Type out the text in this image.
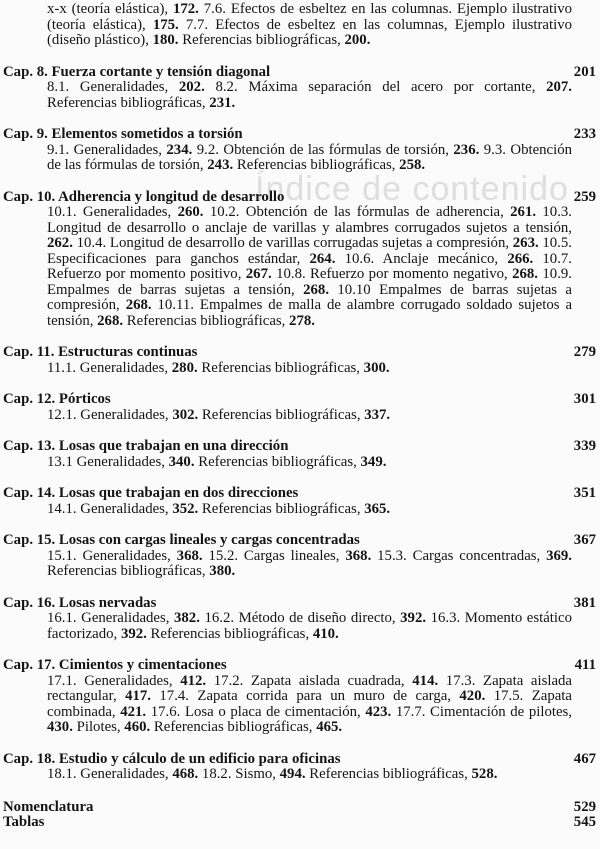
Índice de contenido
x-x (teoría elástica), 172. 7.6. Efectos de esbeltez en las columnas. Ejemplo ilustrativo (teoría elástica), 175. 7.7. Efectos de esbeltez en las columnas, Ejemplo ilustrativo (diseño plástico), 180. Referencias bibliográficas, 200.
Cap. 8. Fuerza cortante y tensión diagonal	201
8.1. Generalidades, 202. 8.2. Máxima separación del acero por cortante, 207. Referencias bibliográficas, 231.
Cap. 9. Elementos sometidos a torsión	233
9.1. Generalidades, 234. 9.2. Obtención de las fórmulas de torsión, 236. 9.3. Obtención de las fórmulas de torsión, 243. Referencias bibliográficas, 258.
Cap. 10. Adherencia y longitud de desarrollo	259
10.1. Generalidades, 260. 10.2. Obtención de las fórmulas de adherencia, 261. 10.3. Longitud de desarrollo o anclaje de varillas y alambres corrugados sujetos a tensión, 262. 10.4. Longitud de desarrollo de varillas corrugadas sujetas a compresión, 263. 10.5. Especificaciones para ganchos estándar, 264. 10.6. Anclaje mecánico, 266. 10.7. Refuerzo por momento positivo, 267. 10.8. Refuerzo por momento negativo, 268. 10.9. Empalmes de barras sujetas a tensión, 268. 10.10 Empalmes de barras sujetas a compresión, 268. 10.11. Empalmes de malla de alambre corrugado soldado sujetos a tensión, 268. Referencias bibliográficas, 278.
Cap. 11. Estructuras continuas	279
11.1. Generalidades, 280. Referencias bibliográficas, 300.
Cap. 12. Pórticos	301
12.1. Generalidades, 302. Referencias bibliográficas, 337.
Cap. 13. Losas que trabajan en una dirección	339
13.1 Generalidades, 340. Referencias bibliográficas, 349.
Cap. 14. Losas que trabajan en dos direcciones	351
14.1. Generalidades, 352. Referencias bibliográficas, 365.
Cap. 15. Losas con cargas lineales y cargas concentradas	367
15.1. Generalidades, 368. 15.2. Cargas lineales, 368. 15.3. Cargas concentradas, 369. Referencias bibliográficas, 380.
Cap. 16. Losas nervadas	381
16.1. Generalidades, 382. 16.2. Método de diseño directo, 392. 16.3. Momento estático factorizado, 392. Referencias bibliográficas, 410.
Cap. 17. Cimientos y cimentaciones	411
17.1. Generalidades, 412. 17.2. Zapata aislada cuadrada, 414. 17.3. Zapata aislada rectangular, 417. 17.4. Zapata corrida para un muro de carga, 420. 17.5. Zapata combinada, 421. 17.6. Losa o placa de cimentación, 423. 17.7. Cimentación de pilotes, 430. Pilotes, 460. Referencias bibliográficas, 465.
Cap. 18. Estudio y cálculo de un edificio para oficinas	467
18.1. Generalidades, 468. 18.2. Sismo, 494. Referencias bibliográficas, 528.
Nomenclatura	529
Tablas	545
